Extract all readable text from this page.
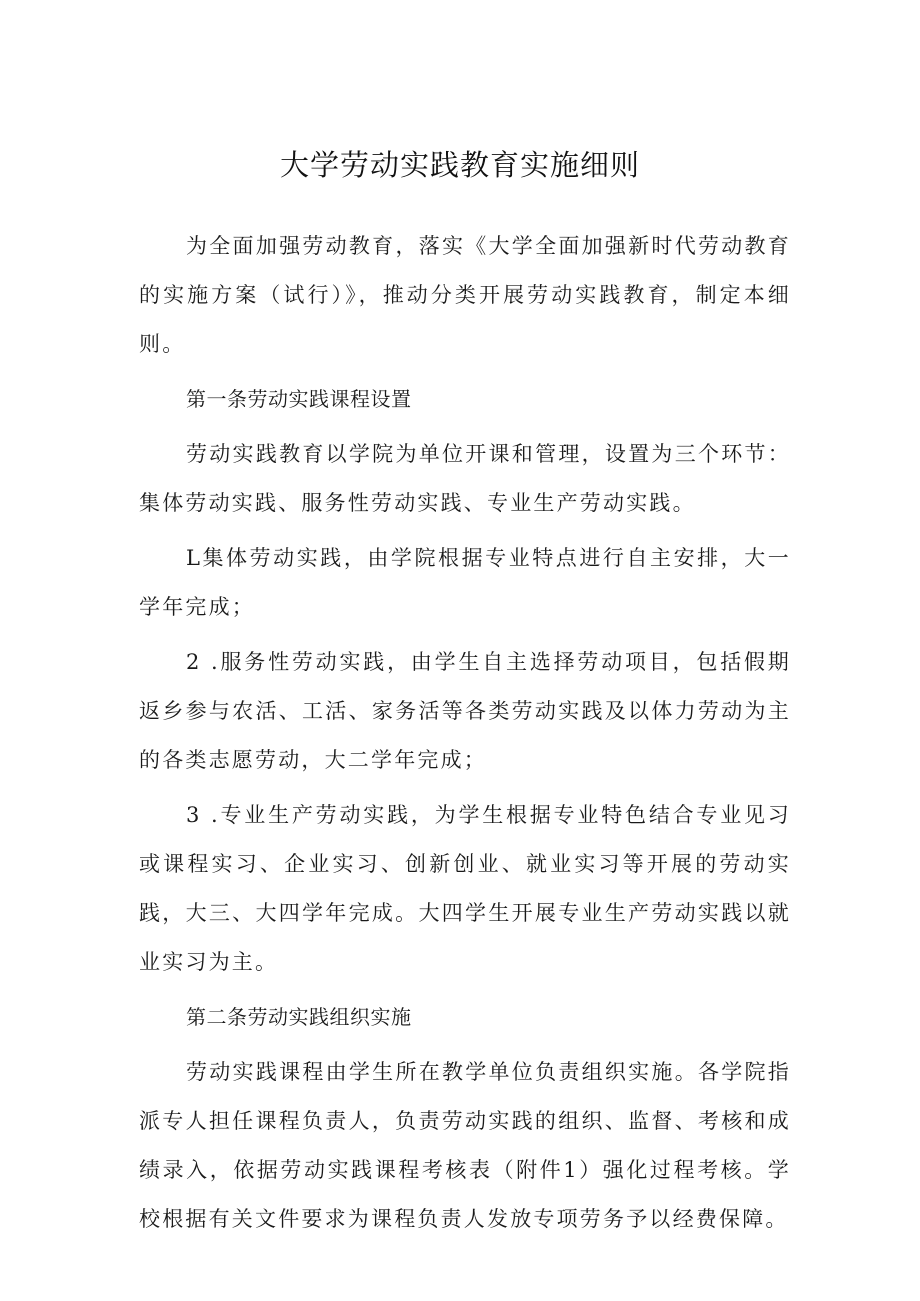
大学劳动实践教育实施细则

为全面加强劳动教育，落实《大学全面加强新时代劳动教育的实施方案（试行）》，推动分类开展劳动实践教育，制定本细则。

第一条劳动实践课程设置

劳动实践教育以学院为单位开课和管理，设置为三个环节：集体劳动实践、服务性劳动实践、专业生产劳动实践。

L集体劳动实践，由学院根据专业特点进行自主安排，大一学年完成；

2 .服务性劳动实践，由学生自主选择劳动项目，包括假期返乡参与农活、工活、家务活等各类劳动实践及以体力劳动为主的各类志愿劳动，大二学年完成；

3 .专业生产劳动实践，为学生根据专业特色结合专业见习或课程实习、企业实习、创新创业、就业实习等开展的劳动实践，大三、大四学年完成。大四学生开展专业生产劳动实践以就业实习为主。

第二条劳动实践组织实施

劳动实践课程由学生所在教学单位负责组织实施。各学院指派专人担任课程负责人，负责劳动实践的组织、监督、考核和成绩录入，依据劳动实践课程考核表（附件1）强化过程考核。学校根据有关文件要求为课程负责人发放专项劳务予以经费保障。
